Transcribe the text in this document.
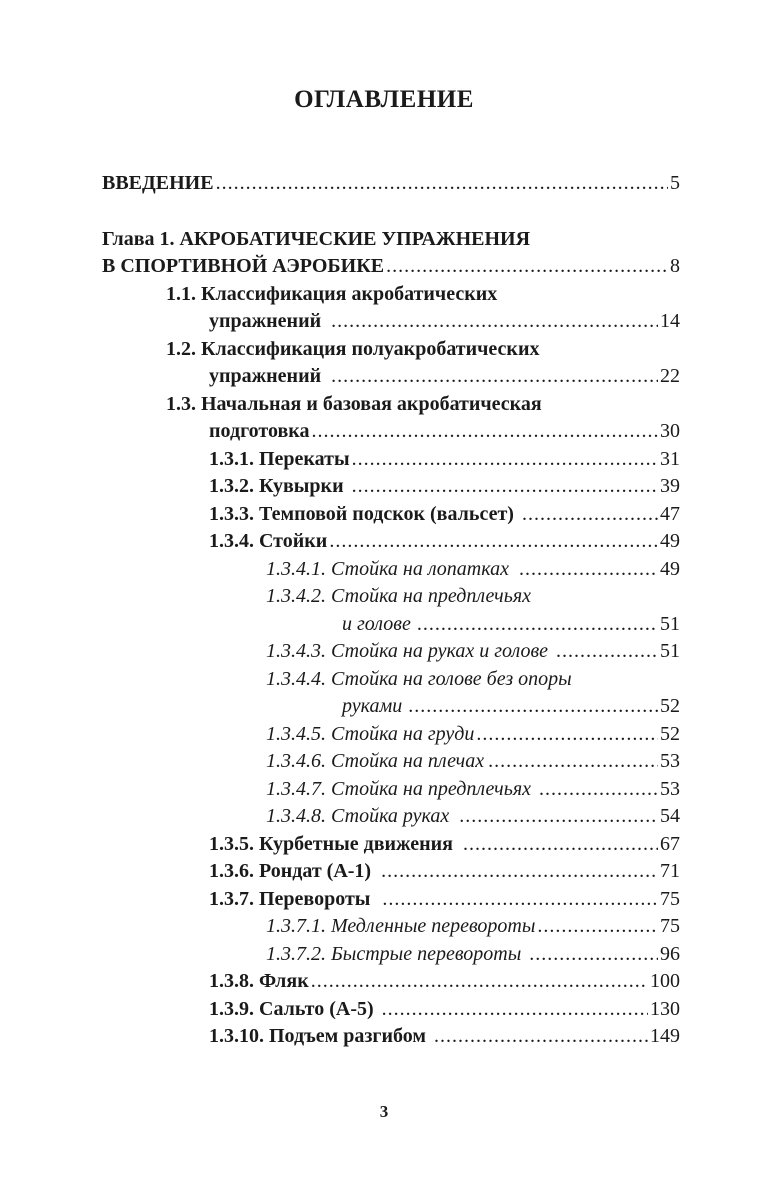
ОГЛАВЛЕНИЕ
ВВЕДЕНИЕ .....	5
Глава 1. АКРОБАТИЧЕСКИЕ УПРАЖНЕНИЯ
В СПОРТИВНОЙ АЭРОБИКЕ .....	8
1.1. Классификация акробатических
упражнений .....	14
1.2. Классификация полуакробатических
упражнений .....	22
1.3. Начальная и базовая акробатическая
подготовка .....	30
1.3.1. Перекаты .....	31
1.3.2. Кувырки .....	39
1.3.3. Темповой подскок (вальсет) .....	47
1.3.4. Стойки .....	49
1.3.4.1. Стойка на лопатках .....	49
1.3.4.2. Стойка на предплечьях
и голове .....	51
1.3.4.3. Стойка на руках и голове .....	51
1.3.4.4. Стойка на голове без опоры
руками .....	52
1.3.4.5. Стойка на груди .....	52
1.3.4.6. Стойка на плечах .....	53
1.3.4.7. Стойка на предплечьях .....	53
1.3.4.8. Стойка руках .....	54
1.3.5. Курбетные движения .....	67
1.3.6. Рондат (А-1) .....	71
1.3.7. Перевороты .....	75
1.3.7.1. Медленные перевороты .....	75
1.3.7.2. Быстрые перевороты .....	96
1.3.8. Фляк .....	100
1.3.9. Сальто (А-5) .....	130
1.3.10. Подъем разгибом .....	149
3
